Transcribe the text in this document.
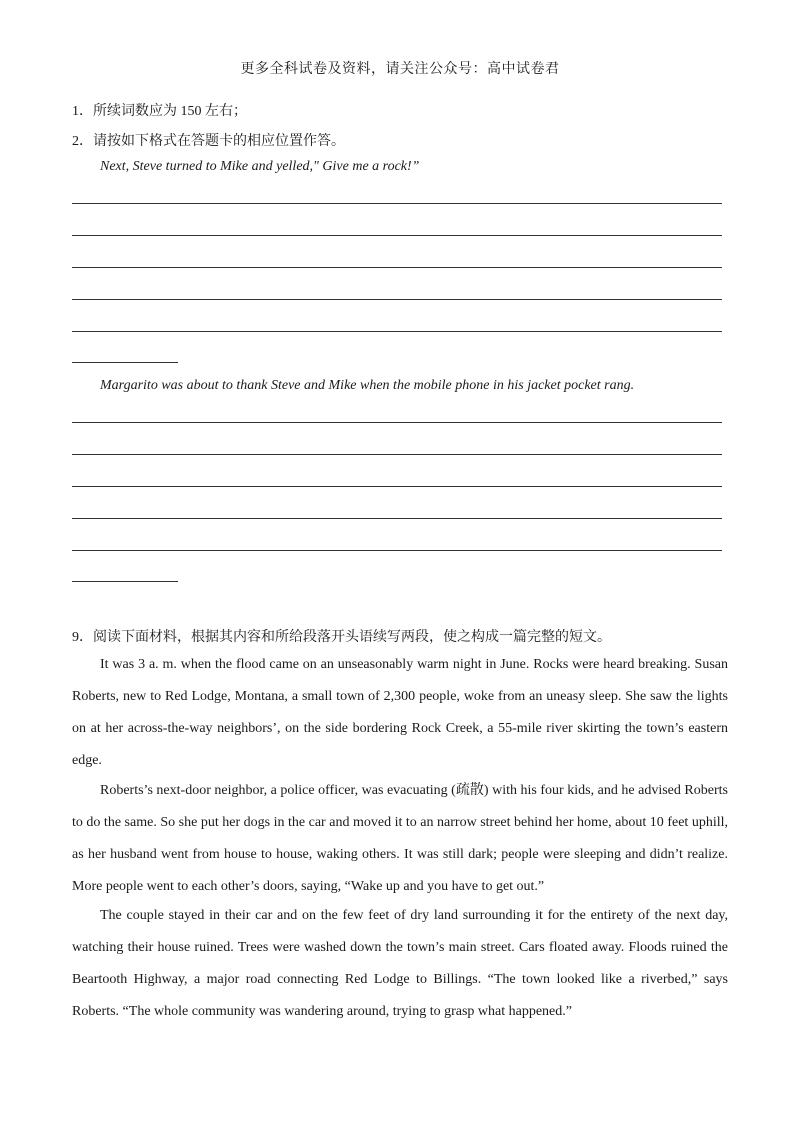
更多全科试卷及资料，请关注公众号：高中试卷君
1．所续词数应为 150 左右；
2．请按如下格式在答题卡的相应位置作答。
Next, Steve turned to Mike and yelled," Give me a rock!”
Margarito was about to thank Steve and Mike when the mobile phone in his jacket pocket rang.
9．阅读下面材料，根据其内容和所给段落开头语续写两段，使之构成一篇完整的短文。

It was 3 a. m. when the flood came on an unseasonably warm night in June. Rocks were heard breaking. Susan Roberts, new to Red Lodge, Montana, a small town of 2,300 people, woke from an uneasy sleep. She saw the lights on at her across-the-way neighbors’, on the side bordering Rock Creek, a 55-mile river skirting the town’s eastern edge.

Roberts’s next-door neighbor, a police officer, was evacuating (疏散) with his four kids, and he advised Roberts to do the same. So she put her dogs in the car and moved it to an narrow street behind her home, about 10 feet uphill, as her husband went from house to house, waking others. It was still dark; people were sleeping and didn’t realize. More people went to each other’s doors, saying, “Wake up and you have to get out.”

The couple stayed in their car and on the few feet of dry land surrounding it for the entirety of the next day, watching their house ruined. Trees were washed down the town’s main street. Cars floated away. Floods ruined the Beartooth Highway, a major road connecting Red Lodge to Billings. “The town looked like a riverbed,” says Roberts. “The whole community was wandering around, trying to grasp what happened.”
